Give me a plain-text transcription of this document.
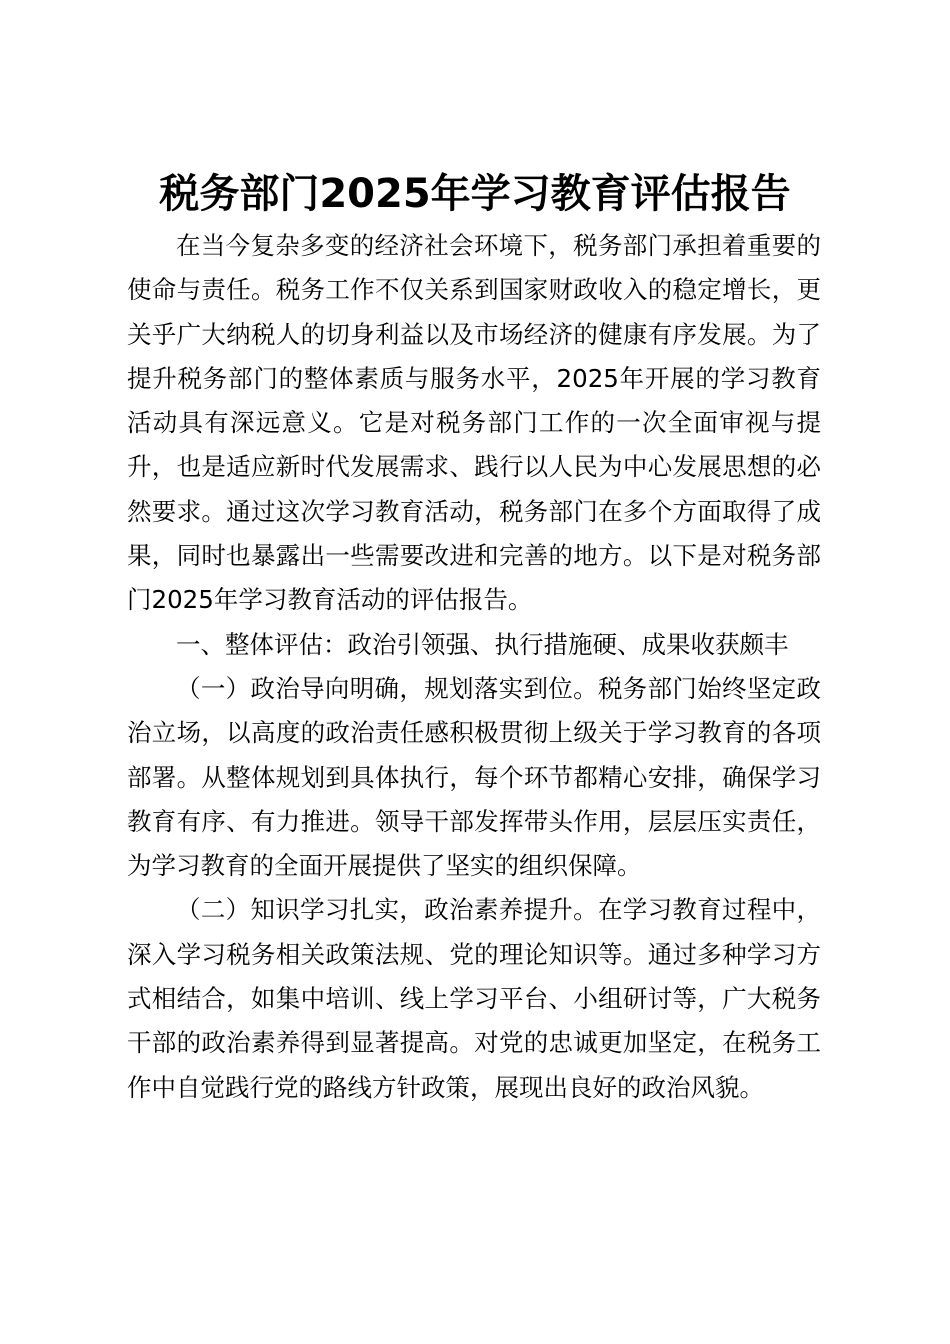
税务部门2025年学习教育评估报告

在当今复杂多变的经济社会环境下，税务部门承担着重要的使命与责任。税务工作不仅关系到国家财政收入的稳定增长，更关乎广大纳税人的切身利益以及市场经济的健康有序发展。为了提升税务部门的整体素质与服务水平，2025年开展的学习教育活动具有深远意义。它是对税务部门工作的一次全面审视与提升，也是适应新时代发展需求、践行以人民为中心发展思想的必然要求。通过这次学习教育活动，税务部门在多个方面取得了成果，同时也暴露出一些需要改进和完善的地方。以下是对税务部门2025年学习教育活动的评估报告。

一、整体评估：政治引领强、执行措施硬、成果收获颇丰

（一）政治导向明确，规划落实到位。税务部门始终坚定政治立场，以高度的政治责任感积极贯彻上级关于学习教育的各项部署。从整体规划到具体执行，每个环节都精心安排，确保学习教育有序、有力推进。领导干部发挥带头作用，层层压实责任，为学习教育的全面开展提供了坚实的组织保障。

（二）知识学习扎实，政治素养提升。在学习教育过程中，深入学习税务相关政策法规、党的理论知识等。通过多种学习方式相结合，如集中培训、线上学习平台、小组研讨等，广大税务干部的政治素养得到显著提高。对党的忠诚更加坚定，在税务工作中自觉践行党的路线方针政策，展现出良好的政治风貌。
